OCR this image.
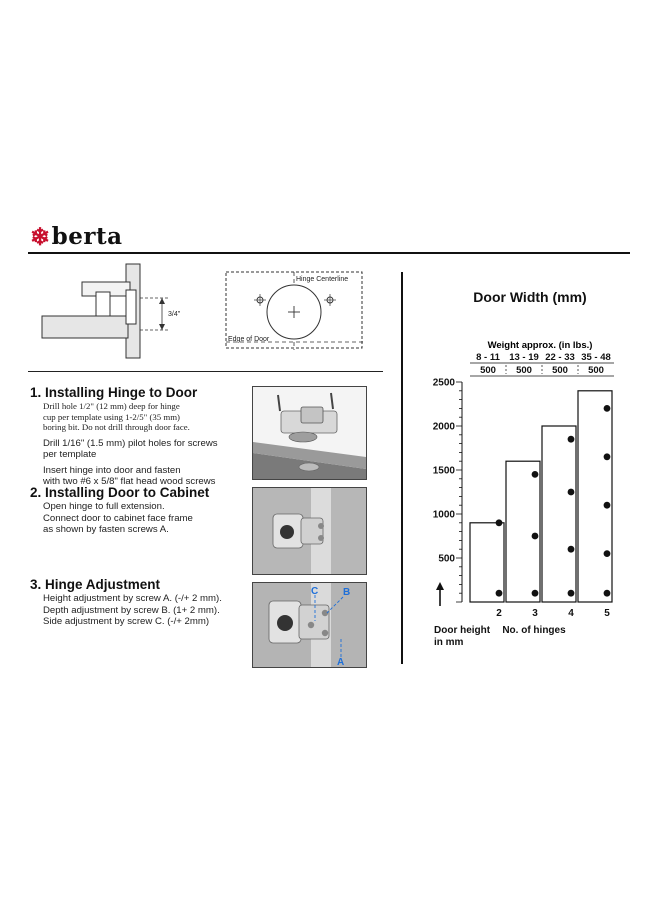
❄ berta
3/4"
Hinge Centerline
Edge of Door
1. Installing Hinge to Door
Drill hole 1/2" (12 mm) deep for hinge
cup per template using 1-2/5" (35 mm)
boring bit. Do not drill through door face.
Drill 1/16" (1.5 mm) pilot holes for screws
per template
Insert hinge into door and fasten
with two #6 x 5/8" flat head wood screws
2. Installing Door to Cabinet
Open hinge to full extension.
Connect door to cabinet face frame
as shown by fasten screws A.
3. Hinge Adjustment
Height adjustment by screw A. (-/+ 2 mm).
Depth adjustment by screw B. (1+ 2 mm).
Side adjustment by screw C. (-/+ 2mm)
C B
A
Door Width (mm)
Weight approx. (in lbs.)
500
1000
1500
2000
2500
8 - 11
500
2
13 - 19
500
3
22 - 33
500
4
35 - 48
500
5
Door height
in mm
No. of hinges
